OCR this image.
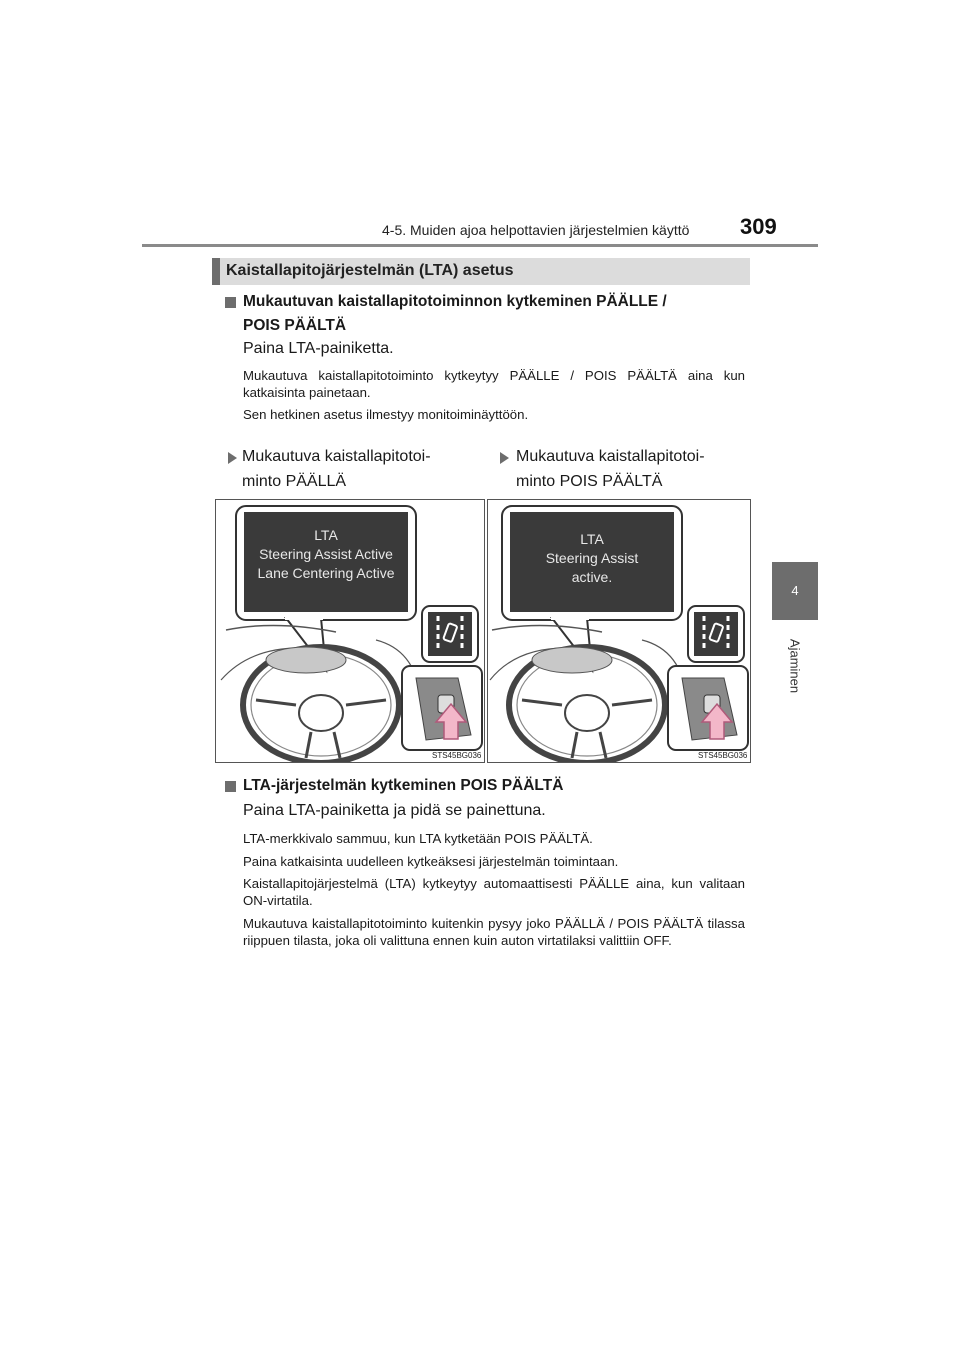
4-5. Muiden ajoa helpottavien järjestelmien käyttö 309
4
Ajaminen
Kaistallapitojärjestelmän (LTA) asetus
Mukautuvan kaistallapitotoiminnon kytkeminen PÄÄLLE /
POIS PÄÄLTÄ
Paina LTA-painiketta.
Mukautuva kaistallapitotoiminto kytkeytyy PÄÄLLE / POIS PÄÄLTÄ aina kun katkaisinta painetaan.
Sen hetkinen asetus ilmestyy monitoiminäyttöön.
Mukautuva kaistallapitotoi-
minto PÄÄLLÄ
Mukautuva kaistallapitotoi-
minto POIS PÄÄLTÄ
LTA
Steering Assist Active
Lane Centering Active
STS45BG036
LTA
Steering Assist
active.
STS45BG036
LTA-järjestelmän kytkeminen POIS PÄÄLTÄ
Paina LTA-painiketta ja pidä se painettuna.
LTA-merkkivalo sammuu, kun LTA kytketään POIS PÄÄLTÄ.
Paina katkaisinta uudelleen kytkeäksesi järjestelmän toimintaan.
Kaistallapitojärjestelmä (LTA) kytkeytyy automaattisesti PÄÄLLE aina, kun valitaan ON-virtatila.
Mukautuva kaistallapitotoiminto kuitenkin pysyy joko PÄÄLLÄ / POIS PÄÄLTÄ tilassa riippuen tilasta, joka oli valittuna ennen kuin auton virtatilaksi valittiin OFF.
